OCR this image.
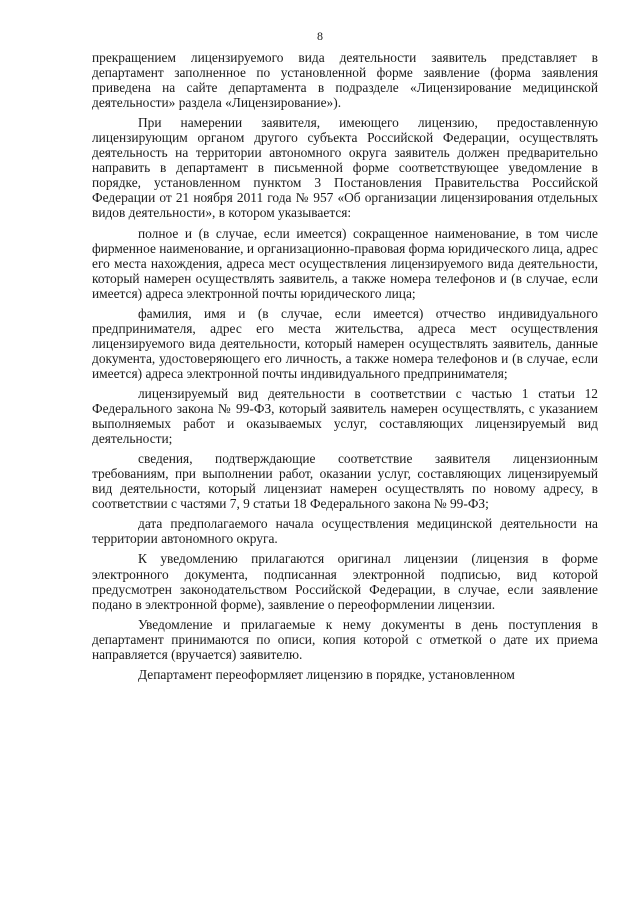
8

прекращением лицензируемого вида деятельности заявитель представляет в департамент заполненное по установленной форме заявление (форма заявления приведена на сайте департамента в подразделе «Лицензирование медицинской деятельности» раздела «Лицензирование»).

При намерении заявителя, имеющего лицензию, предоставленную лицензирующим органом другого субъекта Российской Федерации, осуществлять деятельность на территории автономного округа заявитель должен предварительно направить в департамент в письменной форме соответствующее уведомление в порядке, установленном пунктом 3 Постановления Правительства Российской Федерации от 21 ноября 2011 года № 957 «Об организации лицензирования отдельных видов деятельности», в котором указывается:

полное и (в случае, если имеется) сокращенное наименование, в том числе фирменное наименование, и организационно-правовая форма юридического лица, адрес его места нахождения, адреса мест осуществления лицензируемого вида деятельности, который намерен осуществлять заявитель, а также номера телефонов и (в случае, если имеется) адреса электронной почты юридического лица;

фамилия, имя и (в случае, если имеется) отчество индивидуального предпринимателя, адрес его места жительства, адреса мест осуществления лицензируемого вида деятельности, который намерен осуществлять заявитель, данные документа, удостоверяющего его личность, а также номера телефонов и (в случае, если имеется) адреса электронной почты индивидуального предпринимателя;

лицензируемый вид деятельности в соответствии с частью 1 статьи 12 Федерального закона № 99-ФЗ, который заявитель намерен осуществлять, с указанием выполняемых работ и оказываемых услуг, составляющих лицензируемый вид деятельности;

сведения, подтверждающие соответствие заявителя лицензионным требованиям, при выполнении работ, оказании услуг, составляющих лицензируемый вид деятельности, который лицензиат намерен осуществлять по новому адресу, в соответствии с частями 7, 9 статьи 18 Федерального закона № 99-ФЗ;

дата предполагаемого начала осуществления медицинской деятельности на территории автономного округа.

К уведомлению прилагаются оригинал лицензии (лицензия в форме электронного документа, подписанная электронной подписью, вид которой предусмотрен законодательством Российской Федерации, в случае, если заявление подано в электронной форме), заявление о переоформлении лицензии.

Уведомление и прилагаемые к нему документы в день поступления в департамент принимаются по описи, копия которой с отметкой о дате их приема направляется (вручается) заявителю.

Департамент переоформляет лицензию в порядке, установленном
